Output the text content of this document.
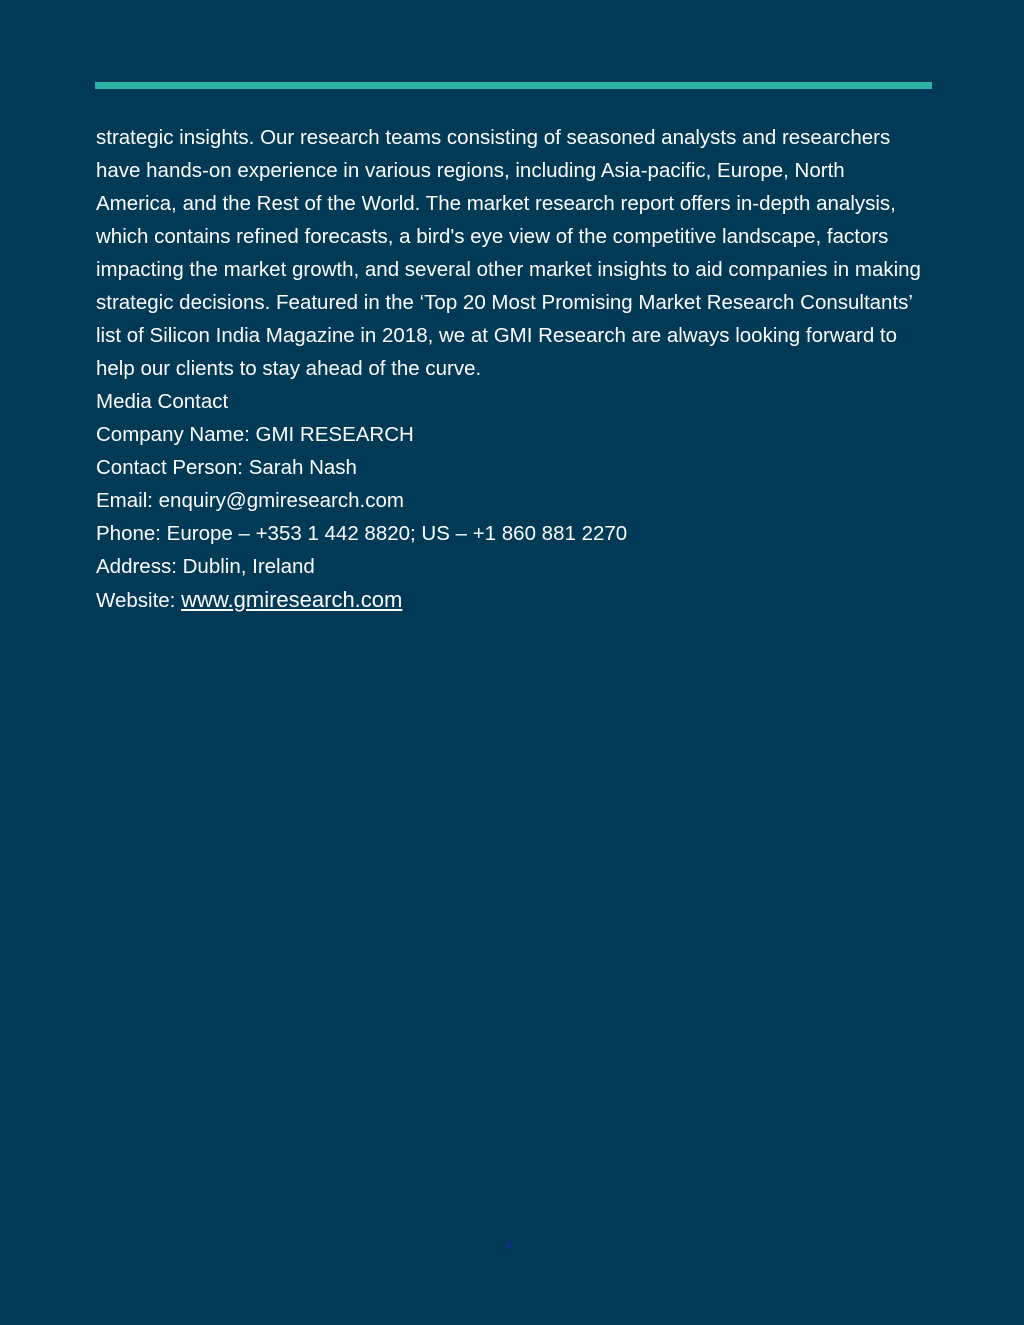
strategic insights. Our research teams consisting of seasoned analysts and researchers have hands-on experience in various regions, including Asia-pacific, Europe, North America, and the Rest of the World. The market research report offers in-depth analysis, which contains refined forecasts, a bird's eye view of the competitive landscape, factors impacting the market growth, and several other market insights to aid companies in making strategic decisions. Featured in the ‘Top 20 Most Promising Market Research Consultants’ list of Silicon India Magazine in 2018, we at GMI Research are always looking forward to help our clients to stay ahead of the curve.

Media Contact

Company Name: GMI RESEARCH

Contact Person: Sarah Nash

Email: enquiry@gmiresearch.com

Phone: Europe – +353 1 442 8820; US – +1 860 881 2270

Address: Dublin, Ireland

Website: www.gmiresearch.com

4
